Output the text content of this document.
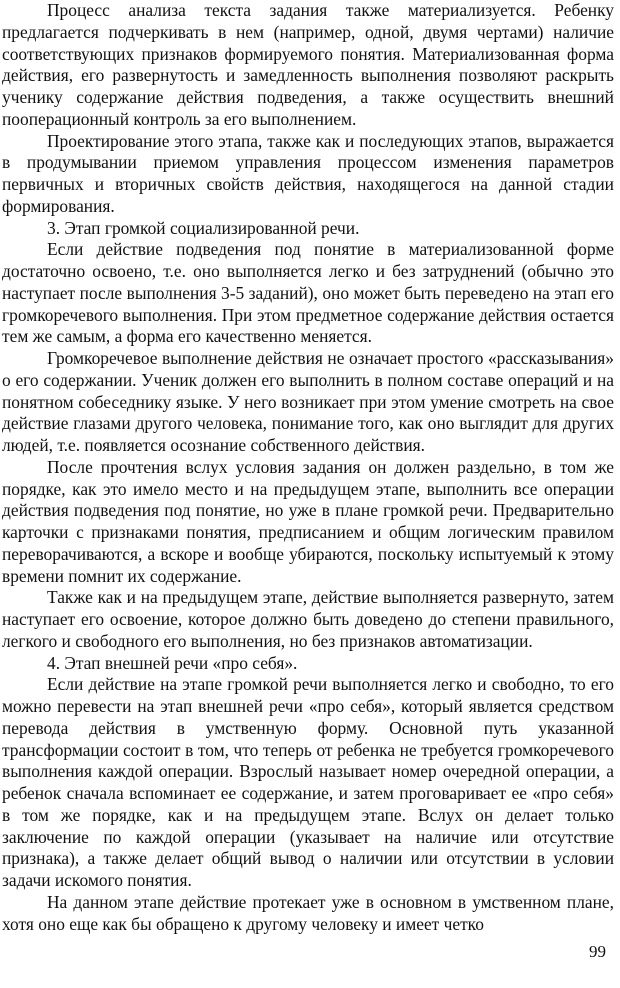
Процесс анализа текста задания также материализуется. Ребенку предлагается подчеркивать в нем (например, одной, двумя чертами) наличие соответствующих признаков формируемого понятия. Материализованная форма действия, его развернутость и замедленность выполнения позволяют раскрыть ученику содержание действия подведения, а также осуществить внешний пооперационный контроль за его выполнением.

Проектирование этого этапа, также как и последующих этапов, выражается в продумывании приемом управления процессом изменения параметров первичных и вторичных свойств действия, находящегося на данной стадии формирования.

3. Этап громкой социализированной речи.

Если действие подведения под понятие в материализованной форме достаточно освоено, т.е. оно выполняется легко и без затруднений (обычно это наступает после выполнения 3-5 заданий), оно может быть переведено на этап его громкоречевого выполнения. При этом предметное содержание действия остается тем же самым, а форма его качественно меняется.

Громкоречевое выполнение действия не означает простого «рассказывания» о его содержании. Ученик должен его выполнить в полном составе операций и на понятном собеседнику языке. У него возникает при этом умение смотреть на свое действие глазами другого человека, понимание того, как оно выглядит для других людей, т.е. появляется осознание собственного действия.

После прочтения вслух условия задания он должен раздельно, в том же порядке, как это имело место и на предыдущем этапе, выполнить все операции действия подведения под понятие, но уже в плане громкой речи. Предварительно карточки с признаками понятия, предписанием и общим логическим правилом переворачиваются, а вскоре и вообще убираются, поскольку испытуемый к этому времени помнит их содержание.

Также как и на предыдущем этапе, действие выполняется развернуто, затем наступает его освоение, которое должно быть доведено до степени правильного, легкого и свободного его выполнения, но без признаков автоматизации.

4. Этап внешней речи «про себя».

Если действие на этапе громкой речи выполняется легко и свободно, то его можно перевести на этап внешней речи «про себя», который является средством перевода действия в умственную форму. Основной путь указанной трансформации состоит в том, что теперь от ребенка не требуется громкоречевого выполнения каждой операции. Взрослый называет номер очередной операции, а ребенок сначала вспоминает ее содержание, и затем проговаривает ее «про себя» в том же порядке, как и на предыдущем этапе. Вслух он делает только заключение по каждой операции (указывает на наличие или отсутствие признака), а также делает общий вывод о наличии или отсутствии в условии задачи искомого понятия.

На данном этапе действие протекает уже в основном в умственном плане, хотя оно еще как бы обращено к другому человеку и имеет четко

99
